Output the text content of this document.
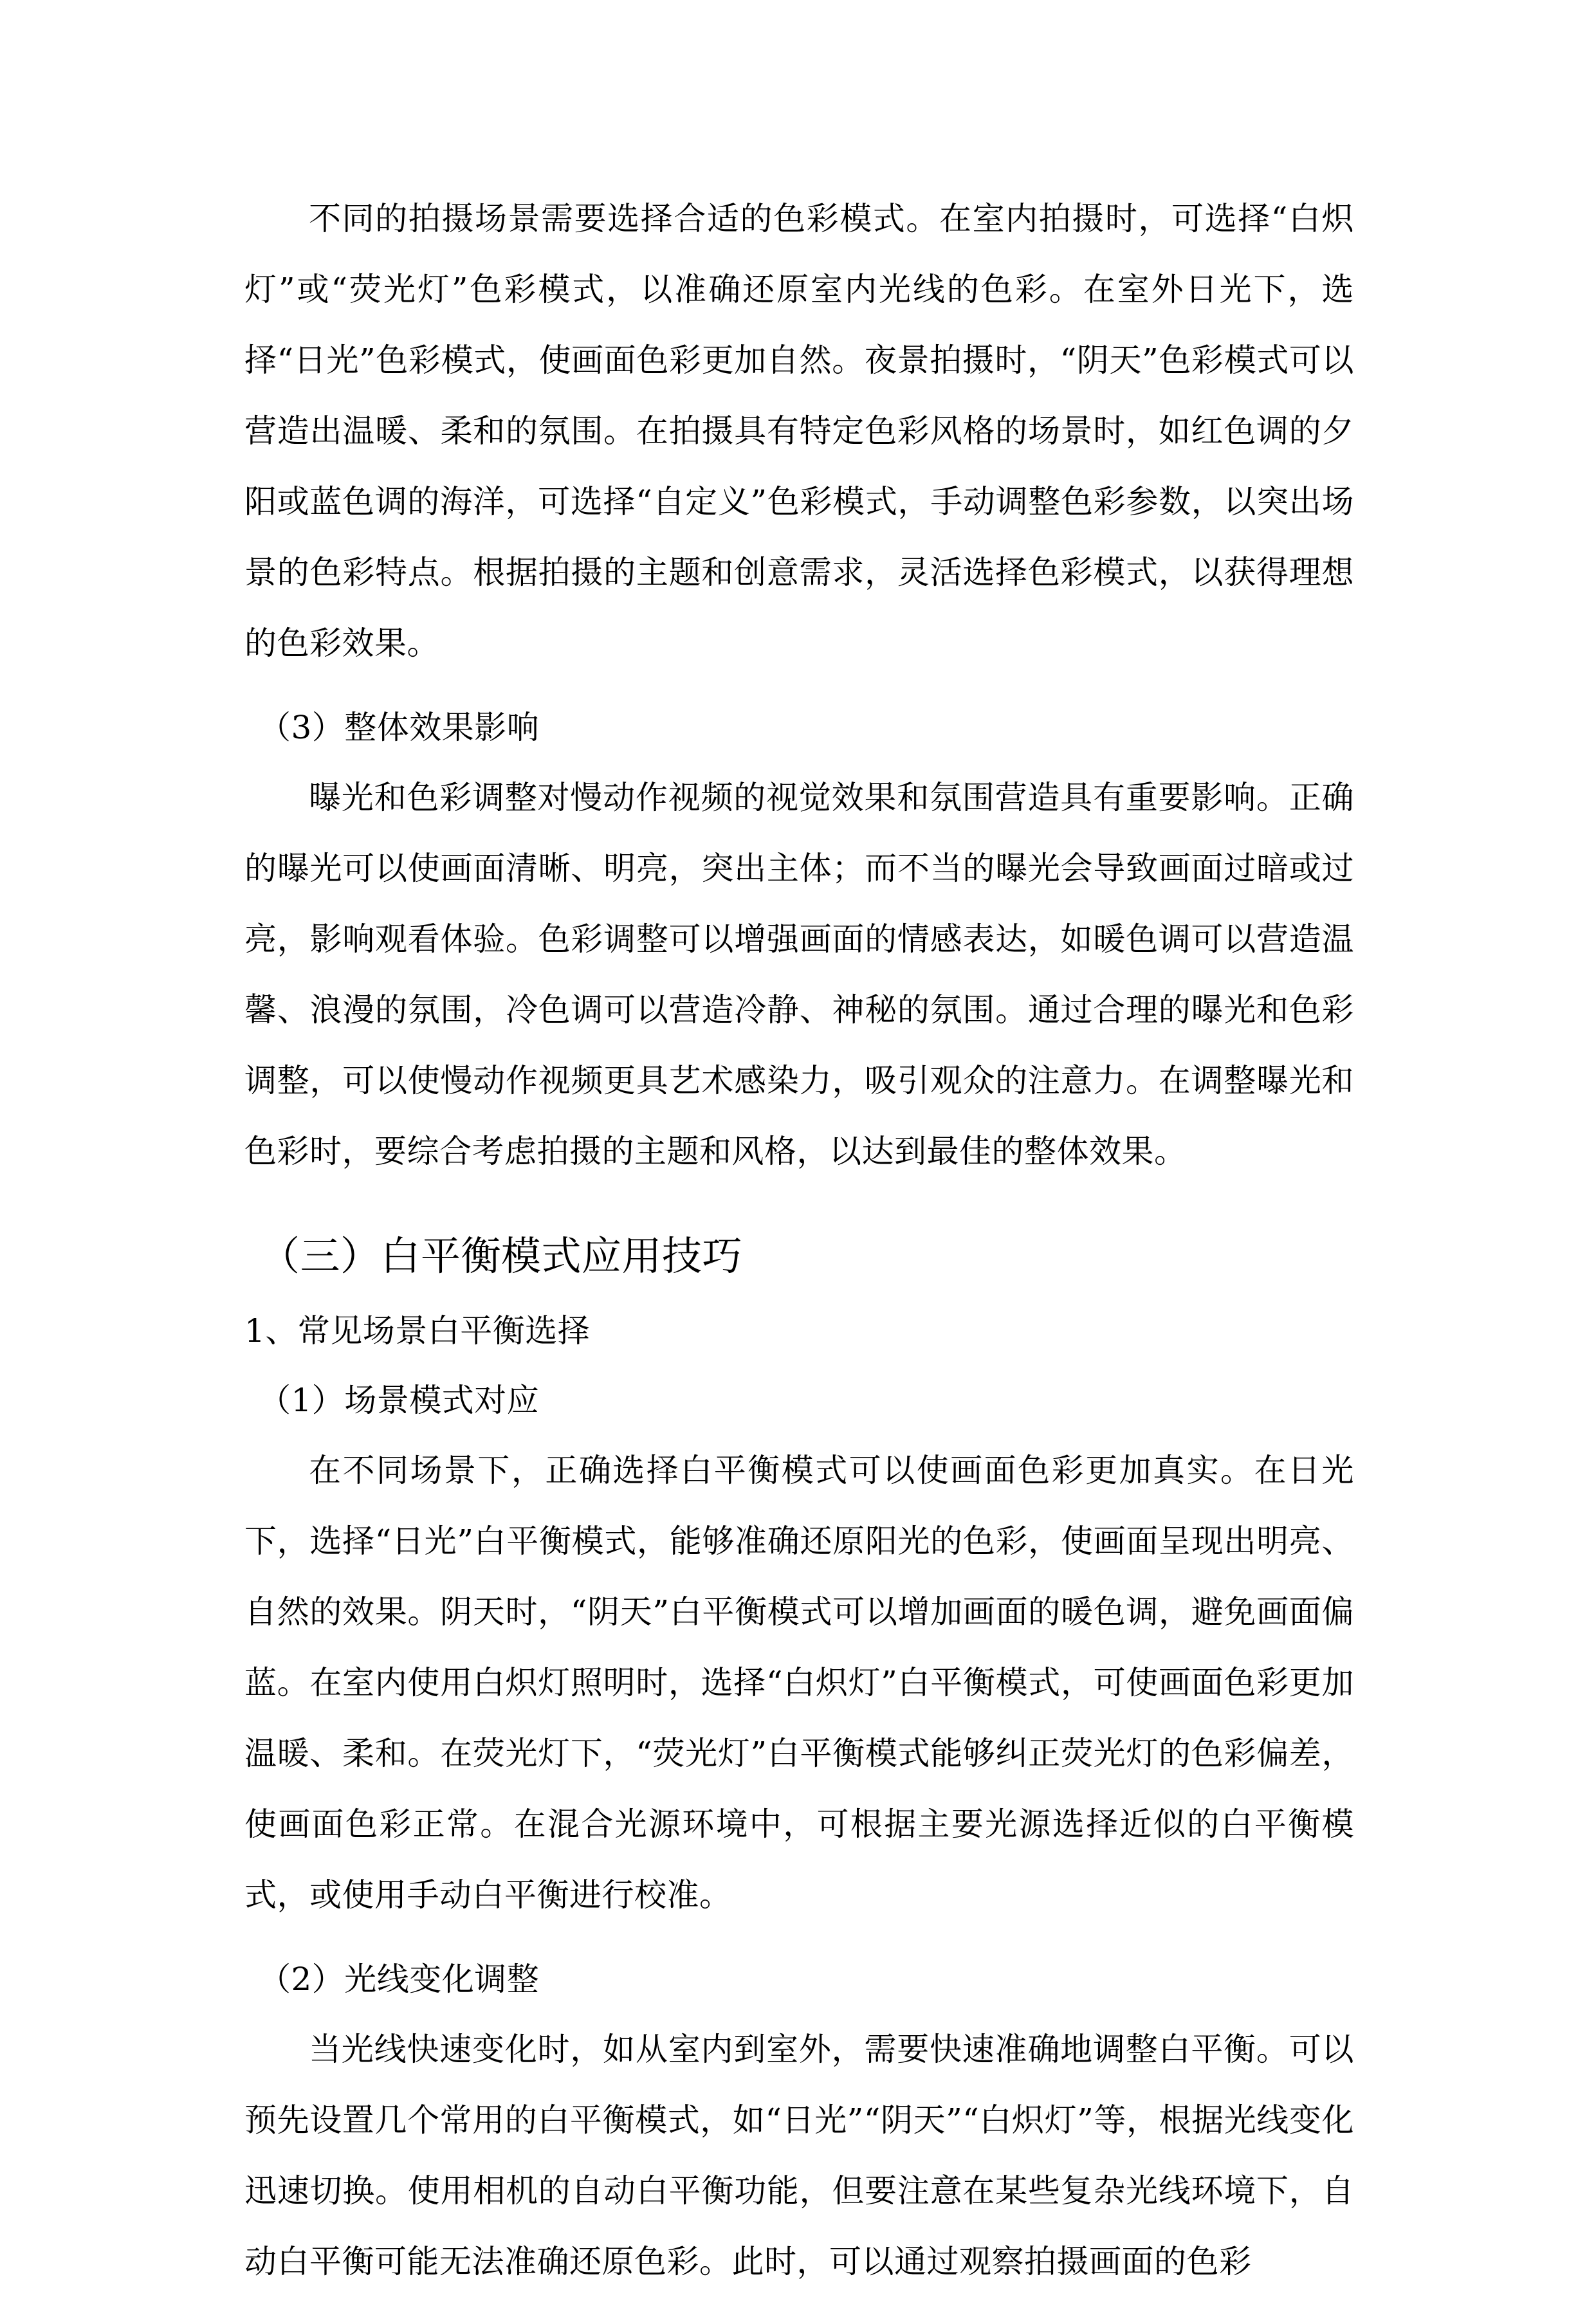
不同的拍摄场景需要选择合适的色彩模式。在室内拍摄时，可选择“白炽灯”或“荧光灯”色彩模式，以准确还原室内光线的色彩。在室外日光下，选择“日光”色彩模式，使画面色彩更加自然。夜景拍摄时，“阴天”色彩模式可以营造出温暖、柔和的氛围。在拍摄具有特定色彩风格的场景时，如红色调的夕阳或蓝色调的海洋，可选择“自定义”色彩模式，手动调整色彩参数，以突出场景的色彩特点。根据拍摄的主题和创意需求，灵活选择色彩模式，以获得理想的色彩效果。

（3）整体效果影响

曝光和色彩调整对慢动作视频的视觉效果和氛围营造具有重要影响。正确的曝光可以使画面清晰、明亮，突出主体；而不当的曝光会导致画面过暗或过亮，影响观看体验。色彩调整可以增强画面的情感表达，如暖色调可以营造温馨、浪漫的氛围，冷色调可以营造冷静、神秘的氛围。通过合理的曝光和色彩调整，可以使慢动作视频更具艺术感染力，吸引观众的注意力。在调整曝光和色彩时，要综合考虑拍摄的主题和风格，以达到最佳的整体效果。

（三）白平衡模式应用技巧

1、常见场景白平衡选择

（1）场景模式对应

在不同场景下，正确选择白平衡模式可以使画面色彩更加真实。在日光下，选择“日光”白平衡模式，能够准确还原阳光的色彩，使画面呈现出明亮、自然的效果。阴天时，“阴天”白平衡模式可以增加画面的暖色调，避免画面偏蓝。在室内使用白炽灯照明时，选择“白炽灯”白平衡模式，可使画面色彩更加温暖、柔和。在荧光灯下，“荧光灯”白平衡模式能够纠正荧光灯的色彩偏差，使画面色彩正常。在混合光源环境中，可根据主要光源选择近似的白平衡模式，或使用手动白平衡进行校准。

（2）光线变化调整

当光线快速变化时，如从室内到室外，需要快速准确地调整白平衡。可以预先设置几个常用的白平衡模式，如“日光”“阴天”“白炽灯”等，根据光线变化迅速切换。使用相机的自动白平衡功能，但要注意在某些复杂光线环境下，自动白平衡可能无法准确还原色彩。此时，可以通过观察拍摄画面的色彩
